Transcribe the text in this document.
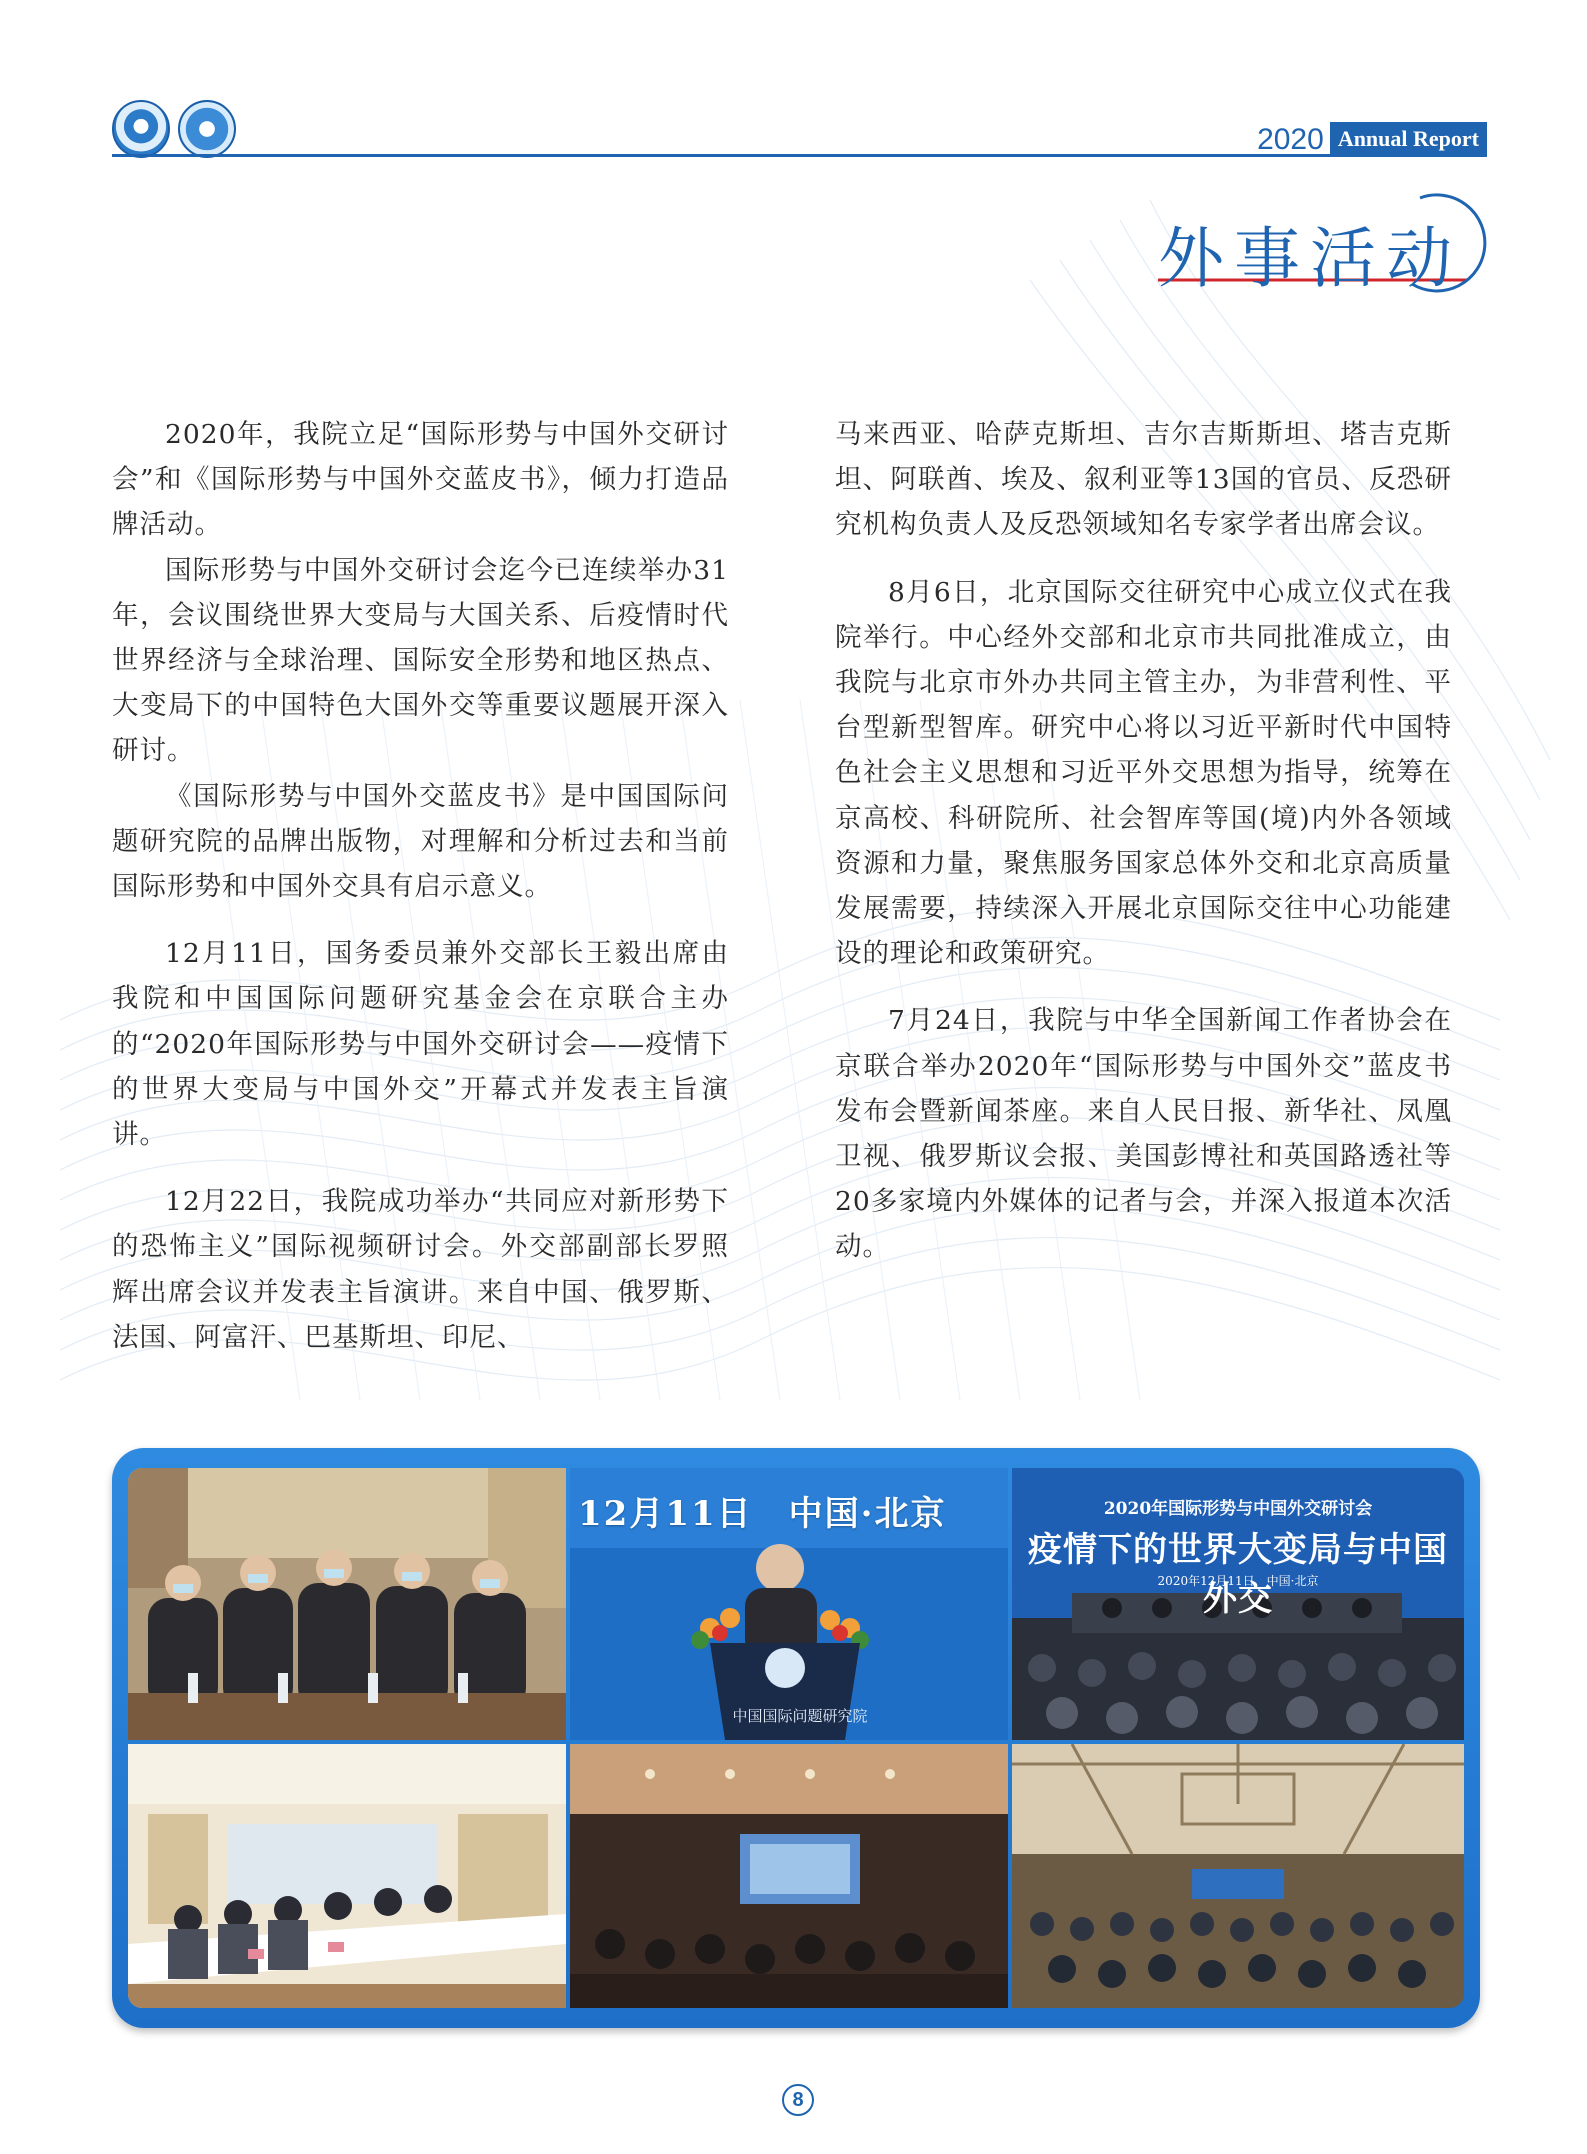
2020 Annual Report
外事活动

2020年，我院立足“国际形势与中国外交研讨会”和《国际形势与中国外交蓝皮书》，倾力打造品牌活动。

国际形势与中国外交研讨会迄今已连续举办31年，会议围绕世界大变局与大国关系、后疫情时代世界经济与全球治理、国际安全形势和地区热点、大变局下的中国特色大国外交等重要议题展开深入研讨。

《国际形势与中国外交蓝皮书》是中国国际问题研究院的品牌出版物，对理解和分析过去和当前国际形势和中国外交具有启示意义。

12月11日，国务委员兼外交部长王毅出席由我院和中国国际问题研究基金会在京联合主办的“2020年国际形势与中国外交研讨会——疫情下的世界大变局与中国外交”开幕式并发表主旨演讲。

12月22日，我院成功举办“共同应对新形势下的恐怖主义”国际视频研讨会。外交部副部长罗照辉出席会议并发表主旨演讲。来自中国、俄罗斯、法国、阿富汗、巴基斯坦、印尼、

马来西亚、哈萨克斯坦、吉尔吉斯斯坦、塔吉克斯坦、阿联酋、埃及、叙利亚等13国的官员、反恐研究机构负责人及反恐领域知名专家学者出席会议。

8月6日，北京国际交往研究中心成立仪式在我院举行。中心经外交部和北京市共同批准成立，由我院与北京市外办共同主管主办，为非营利性、平台型新型智库。研究中心将以习近平新时代中国特色社会主义思想和习近平外交思想为指导，统筹在京高校、科研院所、社会智库等国(境)内外各领域资源和力量，聚焦服务国家总体外交和北京高质量发展需要，持续深入开展北京国际交往中心功能建设的理论和政策研究。

7月24日，我院与中华全国新闻工作者协会在京联合举办2020年“国际形势与中国外交”蓝皮书发布会暨新闻茶座。来自人民日报、新华社、凤凰卫视、俄罗斯议会报、美国彭博社和英国路透社等20多家境内外媒体的记者与会，并深入报道本次活动。

12月11日　中国·北京
中国国际问题研究院
2020年国际形势与中国外交研讨会
疫情下的世界大变局与中国外交
2020年12月11日　中国·北京
8
